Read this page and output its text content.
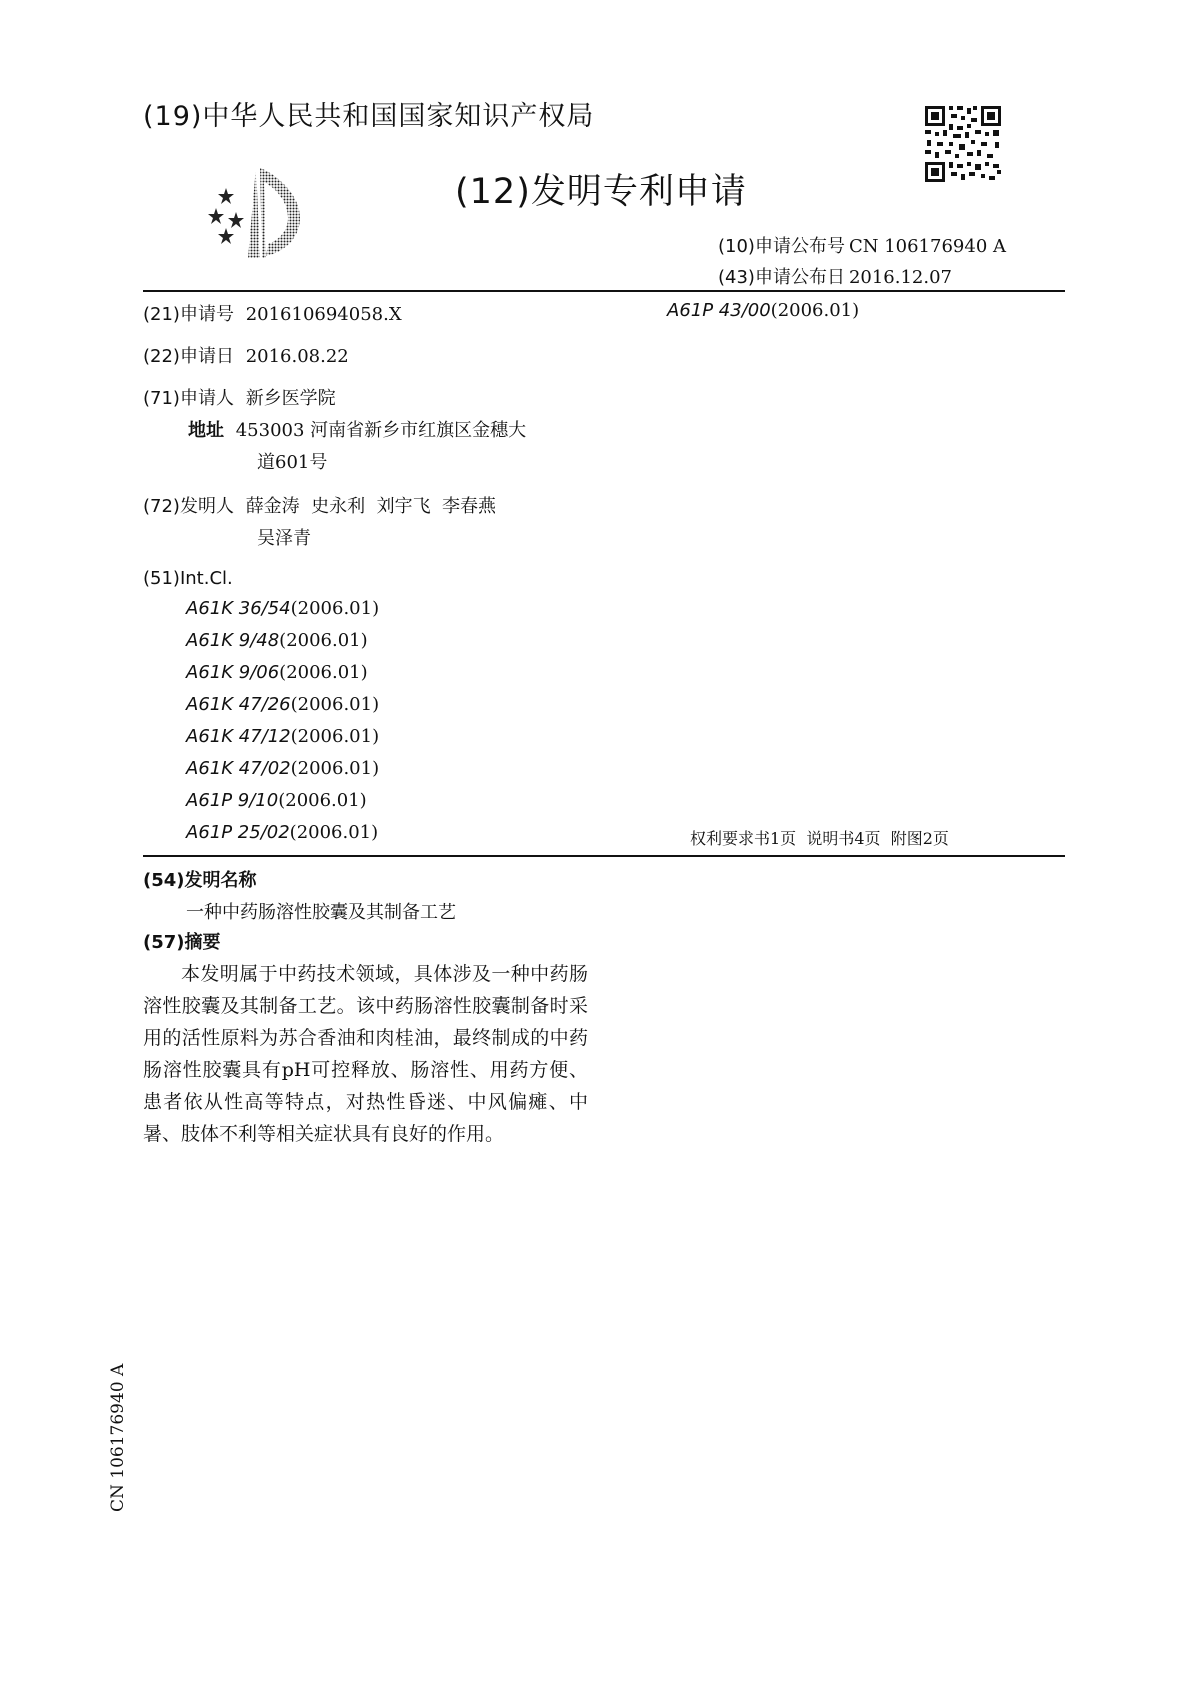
(19)中华人民共和国国家知识产权局
(12)发明专利申请
(10)申请公布号 CN 106176940 A
(43)申请公布日 2016.12.07
(21)申请号 201610694058.X	A61P 43/00(2006.01)
(22)申请日 2016.08.22
(71)申请人 新乡医学院
地址 453003 河南省新乡市红旗区金穗大
道601号
(72)发明人 薛金涛  史永利  刘宇飞  李春燕
吴泽青
(51)Int.Cl.
A61K 36/54(2006.01)
A61K 9/48(2006.01)
A61K 9/06(2006.01)
A61K 47/26(2006.01)
A61K 47/12(2006.01)
A61K 47/02(2006.01)
A61P 9/10(2006.01)
A61P 25/02(2006.01)	权利要求书1页  说明书4页  附图2页
(54)发明名称
一种中药肠溶性胶囊及其制备工艺
(57)摘要
本发明属于中药技术领域，具体涉及一种中药肠溶性胶囊及其制备工艺。该中药肠溶性胶囊制备时采用的活性原料为苏合香油和肉桂油，最终制成的中药肠溶性胶囊具有pH可控释放、肠溶性、用药方便、患者依从性高等特点，对热性昏迷、中风偏瘫、中暑、肢体不利等相关症状具有良好的作用。
CN 106176940 A
